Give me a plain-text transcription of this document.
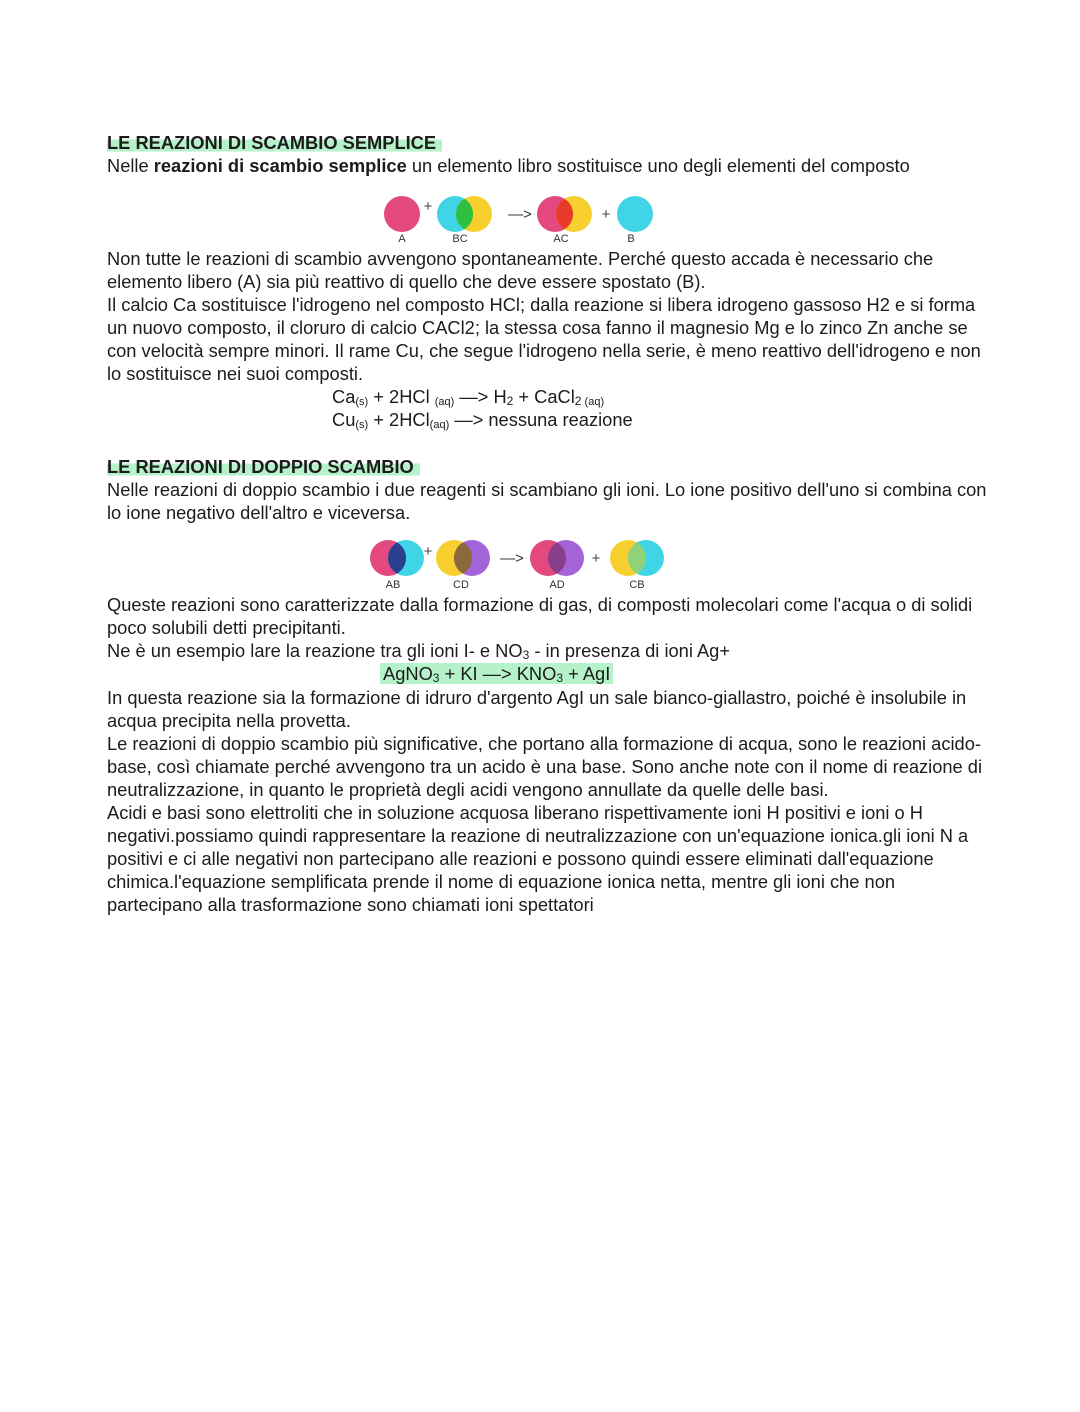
LE REAZIONI DI SCAMBIO SEMPLICE

Nelle reazioni di scambio semplice un elemento libro sostituisce uno degli elementi del composto

+	—>	+
A	BC	AC	B

Non tutte le reazioni di scambio avvengono spontaneamente. Perché questo accada è necessario che elemento libero (A) sia più reattivo di quello che deve essere spostato (B).

Il calcio Ca sostituisce l'idrogeno nel composto HCl; dalla reazione si libera idrogeno gassoso H2 e si forma un nuovo composto, il cloruro di calcio CACl2; la stessa cosa fanno il magnesio Mg e lo zinco Zn anche se con velocità sempre minori. Il rame Cu, che segue l'idrogeno nella serie, è meno reattivo dell'idrogeno e non lo sostituisce nei suoi composti.

$Ca_{(s)} + 2HCl$ $_{(aq)}$ —> $H_2$ + CaCl$_2$ $_{(aq)}$
$Cu_{(s)} + 2HCl_{(aq)}$ —> nessuna reazione
LE REAZIONI DI DOPPIO SCAMBIO

Nelle reazioni di doppio scambio i due reagenti si scambiano gli ioni. Lo ione positivo dell'uno si combina con lo ione negativo dell'altro e viceversa.

+	—>	+
AB	CD	AD	CB

Queste reazioni sono caratterizzate dalla formazione di gas, di composti molecolari come l'acqua o di solidi poco solubili detti precipitanti.

Ne è un esempio lare la reazione tra gli ioni I- e $NO_3$ - in presenza di ioni Ag+

AgNO$_3$ + KI —> $KNO_3$ + AgI

In questa reazione sia la formazione di idruro d'argento AgI un sale bianco-giallastro, poiché è insolubile in acqua precipita nella provetta.

Le reazioni di doppio scambio più significative, che portano alla formazione di acqua, sono le reazioni acido-base, così chiamate perché avvengono tra un acido è una base. Sono anche note con il nome di reazione di neutralizzazione, in quanto le proprietà degli acidi vengono annullate da quelle delle basi.

Acidi e basi sono elettroliti che in soluzione acquosa liberano rispettivamente ioni H positivi e ioni o H negativi.possiamo quindi rappresentare la reazione di neutralizzazione con un'equazione ionica.gli ioni N a positivi e ci alle negativi non partecipano alle reazioni e possono quindi essere eliminati dall'equazione chimica.l'equazione semplificata prende il nome di equazione ionica netta, mentre gli ioni che non partecipano alla trasformazione sono chiamati ioni spettatori
